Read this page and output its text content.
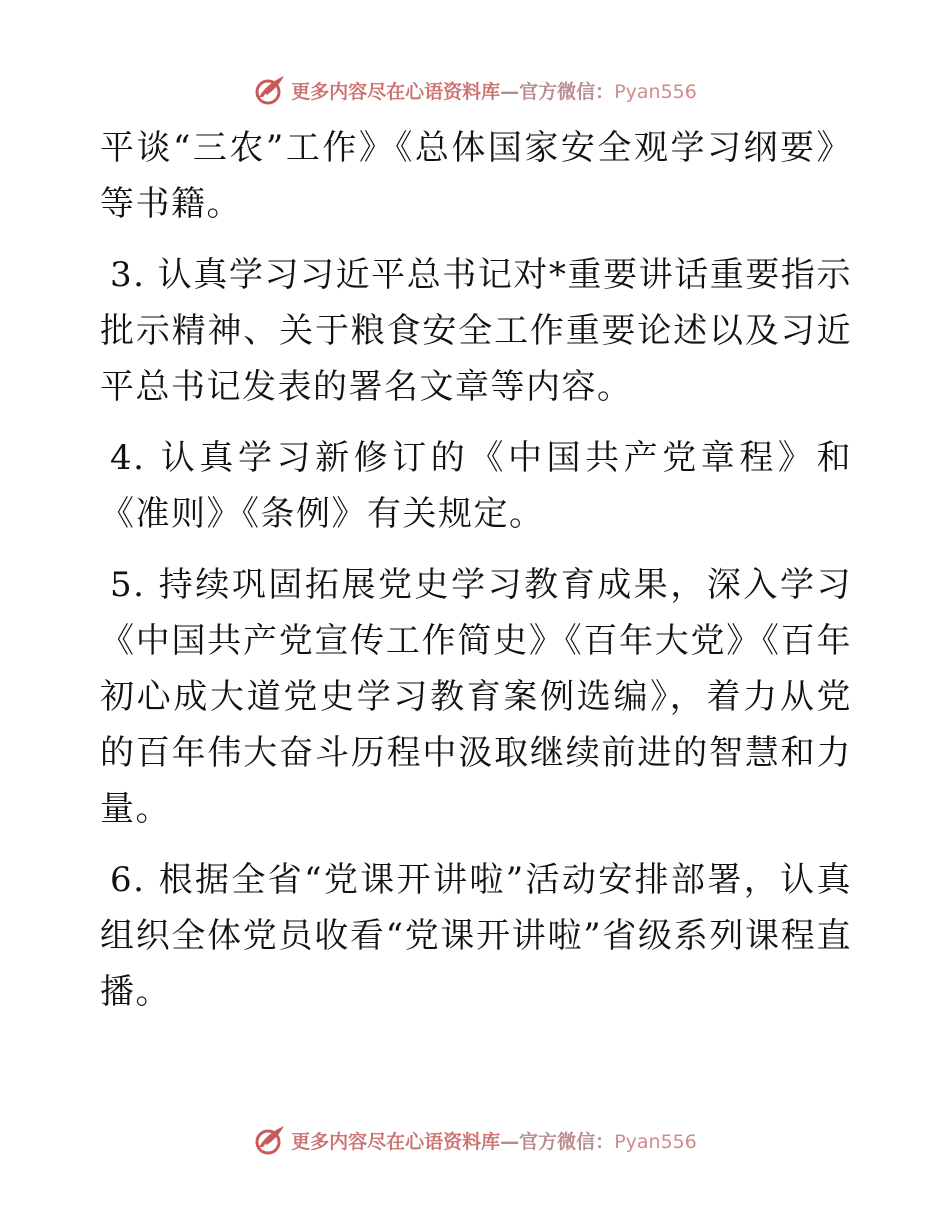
更多内容尽在心语资料库—官方微信：Pyan556

平谈“三农”工作》《总体国家安全观学习纲要》等书籍。

3. 认真学习习近平总书记对*重要讲话重要指示批示精神、关于粮食安全工作重要论述以及习近平总书记发表的署名文章等内容。

4. 认真学习新修订的《中国共产党章程》和《准则》《条例》有关规定。

5. 持续巩固拓展党史学习教育成果，深入学习《中国共产党宣传工作简史》《百年大党》《百年初心成大道党史学习教育案例选编》，着力从党的百年伟大奋斗历程中汲取继续前进的智慧和力量。

6. 根据全省“党课开讲啦”活动安排部署，认真组织全体党员收看“党课开讲啦”省级系列课程直播。

更多内容尽在心语资料库—官方微信：Pyan556
